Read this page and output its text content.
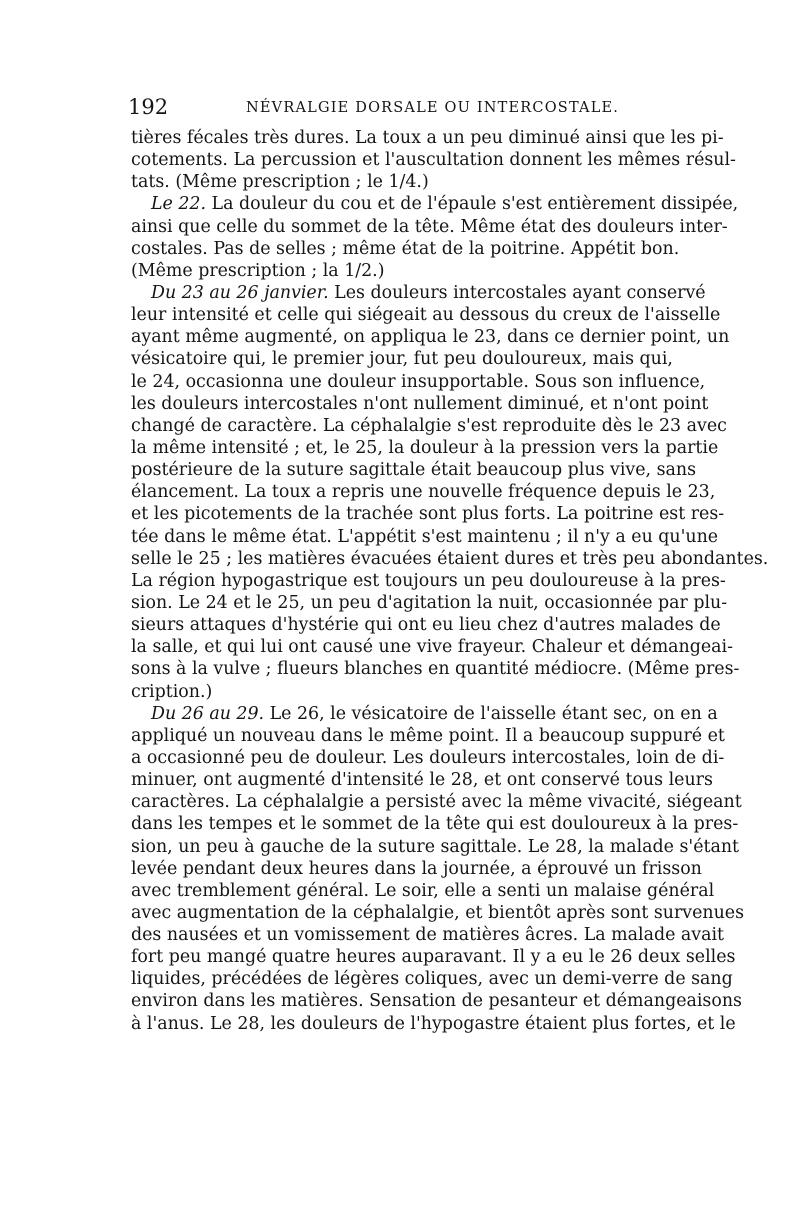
192	NÉVRALGIE DORSALE OU INTERCOSTALE.
tières fécales très dures. La toux a un peu diminué ainsi que les pi-
cotements. La percussion et l'auscultation donnent les mêmes résul-
tats. (Même prescription ; le 1/4.)
Le 22. La douleur du cou et de l'épaule s'est entièrement dissipée,
ainsi que celle du sommet de la tête. Même état des douleurs inter-
costales. Pas de selles ; même état de la poitrine. Appétit bon.
(Même prescription ; la 1/2.)
Du 23 au 26 janvier. Les douleurs intercostales ayant conservé
leur intensité et celle qui siégeait au dessous du creux de l'aisselle
ayant même augmenté, on appliqua le 23, dans ce dernier point, un
vésicatoire qui, le premier jour, fut peu douloureux, mais qui,
le 24, occasionna une douleur insupportable. Sous son influence,
les douleurs intercostales n'ont nullement diminué, et n'ont point
changé de caractère. La céphalalgie s'est reproduite dès le 23 avec
la même intensité ; et, le 25, la douleur à la pression vers la partie
postérieure de la suture sagittale était beaucoup plus vive, sans
élancement. La toux a repris une nouvelle fréquence depuis le 23,
et les picotements de la trachée sont plus forts. La poitrine est res-
tée dans le même état. L'appétit s'est maintenu ; il n'y a eu qu'une
selle le 25 ; les matières évacuées étaient dures et très peu abondantes.
La région hypogastrique est toujours un peu douloureuse à la pres-
sion. Le 24 et le 25, un peu d'agitation la nuit, occasionnée par plu-
sieurs attaques d'hystérie qui ont eu lieu chez d'autres malades de
la salle, et qui lui ont causé une vive frayeur. Chaleur et démangeai-
sons à la vulve ; flueurs blanches en quantité médiocre. (Même pres-
cription.)
Du 26 au 29. Le 26, le vésicatoire de l'aisselle étant sec, on en a
appliqué un nouveau dans le même point. Il a beaucoup suppuré et
a occasionné peu de douleur. Les douleurs intercostales, loin de di-
minuer, ont augmenté d'intensité le 28, et ont conservé tous leurs
caractères. La céphalalgie a persisté avec la même vivacité, siégeant
dans les tempes et le sommet de la tête qui est douloureux à la pres-
sion, un peu à gauche de la suture sagittale. Le 28, la malade s'étant
levée pendant deux heures dans la journée, a éprouvé un frisson
avec tremblement général. Le soir, elle a senti un malaise général
avec augmentation de la céphalalgie, et bientôt après sont survenues
des nausées et un vomissement de matières âcres. La malade avait
fort peu mangé quatre heures auparavant. Il y a eu le 26 deux selles
liquides, précédées de légères coliques, avec un demi-verre de sang
environ dans les matières. Sensation de pesanteur et démangeaisons
à l'anus. Le 28, les douleurs de l'hypogastre étaient plus fortes, et le
